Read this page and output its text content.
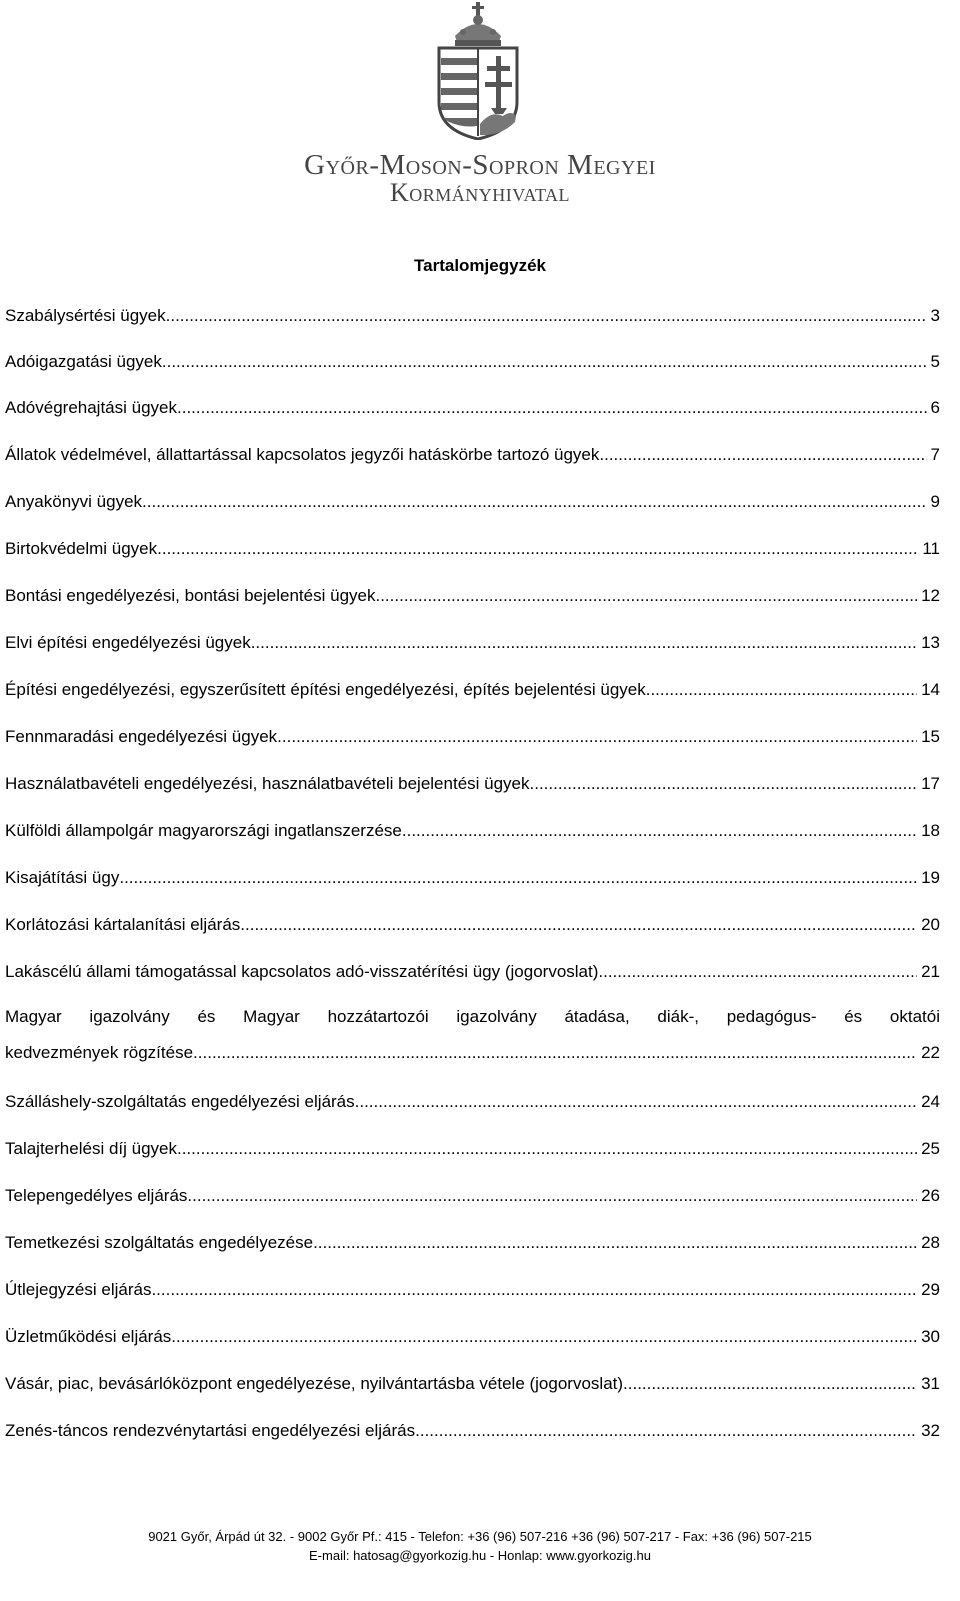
Győr-Moson-Sopron Megyei
Kormányhivatal
Tartalomjegyzék
Szabálysértési ügyek .....	3
Adóigazgatási ügyek .....	5
Adóvégrehajtási ügyek .....	6
Állatok védelmével, állattartással kapcsolatos jegyzői hatáskörbe tartozó ügyek .....	7
Anyakönyvi ügyek .....	9
Birtokvédelmi ügyek .....	11
Bontási engedélyezési, bontási bejelentési ügyek .....	12
Elvi építési engedélyezési ügyek .....	13
Építési engedélyezési, egyszerűsített építési engedélyezési, építés bejelentési ügyek .....	14
Fennmaradási engedélyezési ügyek .....	15
Használatbavételi engedélyezési, használatbavételi bejelentési ügyek .....	17
Külföldi állampolgár magyarországi ingatlanszerzése .....	18
Kisajátítási ügy .....	19
Korlátozási kártalanítási eljárás .....	20
Lakáscélú állami támogatással kapcsolatos adó-visszatérítési ügy (jogorvoslat) .....	21
Magyar igazolvány és Magyar hozzátartozói igazolvány átadása, diák-, pedagógus- és oktatói
kedvezmények rögzítése .....	22
Szálláshely-szolgáltatás engedélyezési eljárás .....	24
Talajterhelési díj ügyek .....	25
Telepengedélyes eljárás .....	26
Temetkezési szolgáltatás engedélyezése .....	28
Útlejegyzési eljárás .....	29
Üzletműködési eljárás .....	30
Vásár, piac, bevásárlóközpont engedélyezése, nyilvántartásba vétele (jogorvoslat) .....	31
Zenés-táncos rendezvénytartási engedélyezési eljárás .....	32
9021 Győr, Árpád út 32. - 9002 Győr Pf.: 415 - Telefon: +36 (96) 507-216 +36 (96) 507-217 - Fax: +36 (96) 507-215
E-mail: hatosag@gyorkozig.hu - Honlap: www.gyorkozig.hu
